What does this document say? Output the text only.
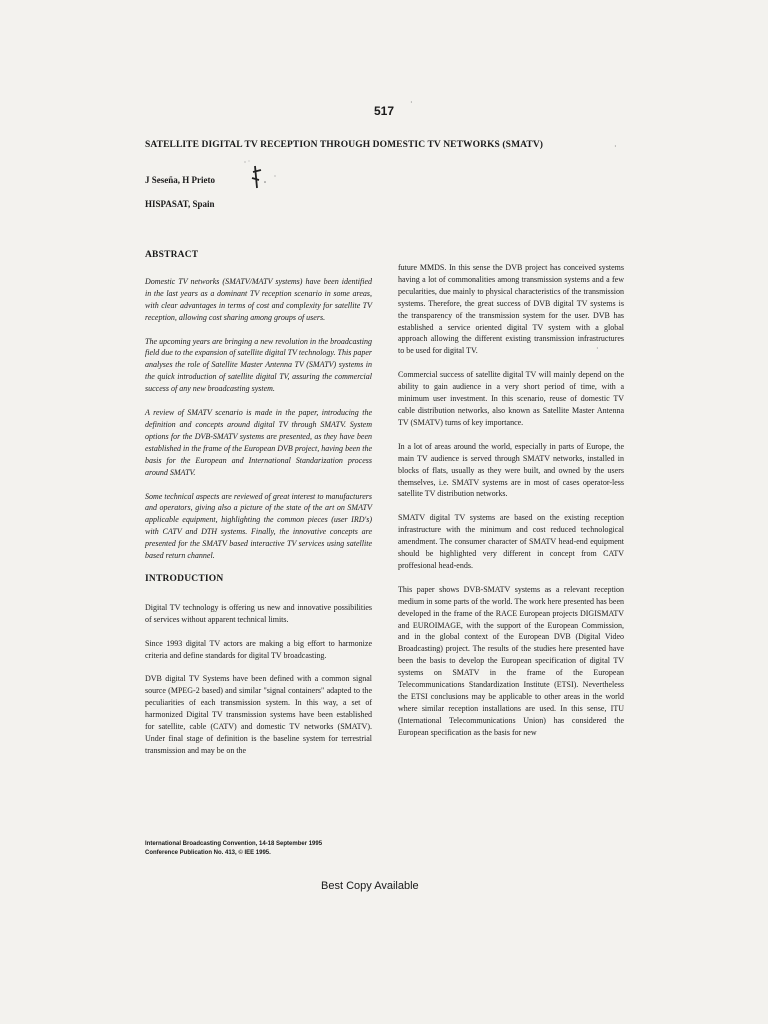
517
SATELLITE DIGITAL TV RECEPTION THROUGH DOMESTIC TV NETWORKS (SMATV)
J Seseña, H Prieto
HISPASAT, Spain
ABSTRACT

Domestic TV networks (SMATV/MATV systems) have been identified in the last years as a dominant TV reception scenario in some areas, with clear advantages in terms of cost and complexity for satellite TV reception, allowing cost sharing among groups of users.

The upcoming years are bringing a new revolution in the broadcasting field due to the expansion of satellite digital TV technology. This paper analyses the role of Satellite Master Antenna TV (SMATV) systems in the quick introduction of satellite digital TV, assuring the commercial success of any new broadcasting system.

A review of SMATV scenario is made in the paper, introducing the definition and concepts around digital TV through SMATV. System options for the DVB-SMATV systems are presented, as they have been established in the frame of the European DVB project, having been the basis for the European and International Standarization process around SMATV.

Some technical aspects are reviewed of great interest to manufacturers and operators, giving also a picture of the state of the art on SMATV applicable equipment, highlighting the common pieces (user IRD's) with CATV and DTH systems. Finally, the innovative concepts are presented for the SMATV based interactive TV services using satellite based return channel.

INTRODUCTION

Digital TV technology is offering us new and innovative possibilities of services without apparent technical limits.

Since 1993 digital TV actors are making a big effort to harmonize criteria and define standards for digital TV broadcasting.

DVB digital TV Systems have been defined with a common signal source (MPEG-2 based) and similar "signal containers" adapted to the peculiarities of each transmission system. In this way, a set of harmonized Digital TV transmission systems have been established for satellite, cable (CATV) and domestic TV networks (SMATV). Under final stage of definition is the baseline system for terrestrial transmission and may be on the

future MMDS. In this sense the DVB project has conceived systems having a lot of commonalities among transmission systems and a few pecularities, due mainly to physical characteristics of the transmission systems. Therefore, the great success of DVB digital TV systems is the transparency of the transmission system for the user. DVB has established a service oriented digital TV system with a global approach allowing the different existing transmission infrastructures to be used for digital TV.

Commercial success of satellite digital TV will mainly depend on the ability to gain audience in a very short period of time, with a minimum user investment. In this scenario, reuse of domestic TV cable distribution networks, also known as Satellite Master Antenna TV (SMATV) turns of key importance.

In a lot of areas around the world, especially in parts of Europe, the main TV audience is served through SMATV networks, installed in blocks of flats, usually as they were built, and owned by the users themselves, i.e. SMATV systems are in most of cases operator-less satellite TV distribution networks.

SMATV digital TV systems are based on the existing reception infrastructure with the minimum and cost reduced technological amendment. The consumer character of SMATV head-end equipment should be highlighted very different in concept from CATV proffesional head-ends.

This paper shows DVB-SMATV systems as a relevant reception medium in some parts of the world. The work here presented has been developed in the frame of the RACE European projects DIGISMATV and EUROIMAGE, with the support of the European Commission, and in the global context of the European DVB (Digital Video Broadcasting) project. The results of the studies here presented have been the basis to develop the European specification of digital TV systems on SMATV in the frame of the European Telecommunications Standardization Institute (ETSI). Nevertheless the ETSI conclusions may be applicable to other areas in the world where similar reception installations are used. In this sense, ITU (International Telecommunications Union) has considered the European specification as the basis for new

International Broadcasting Convention, 14-18 September 1995
Conference Publication No. 413, © IEE 1995.
Best Copy Available
·
·
·
